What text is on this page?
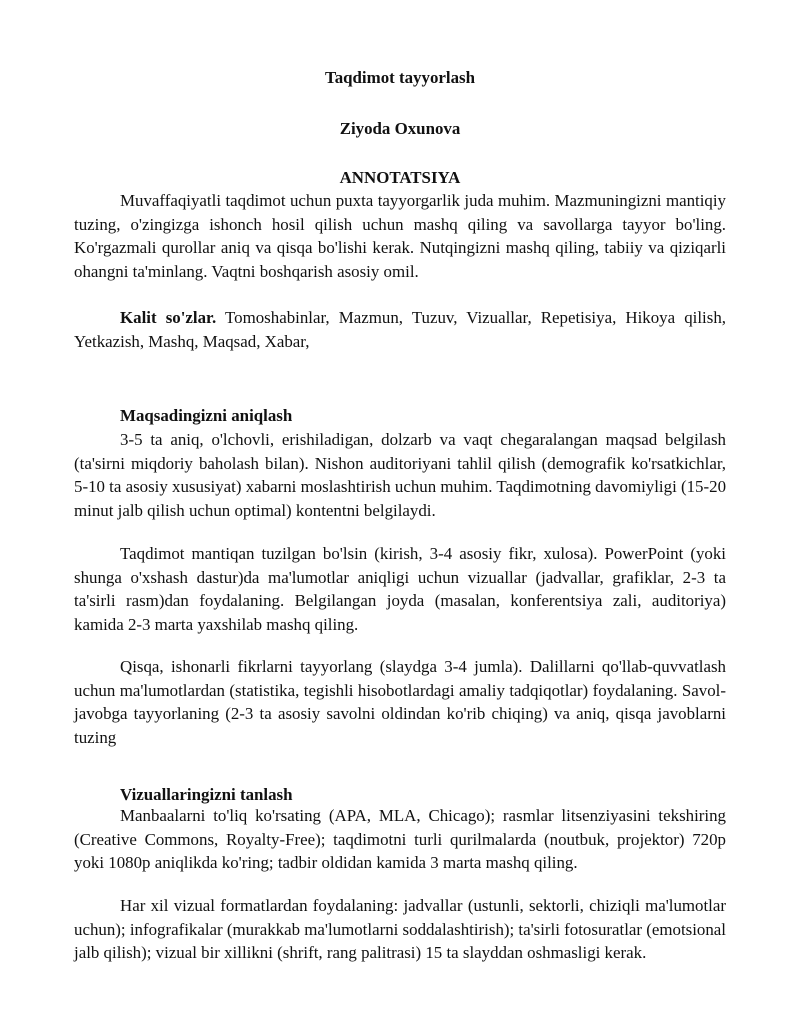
Taqdimot tayyorlash
Ziyoda Oxunova
ANNOTATSIYA

Muvaffaqiyatli taqdimot uchun puxta tayyorgarlik juda muhim. Mazmuningizni mantiqiy tuzing, o'zingizga ishonch hosil qilish uchun mashq qiling va savollarga tayyor bo'ling. Ko'rgazmali qurollar aniq va qisqa bo'lishi kerak. Nutqingizni mashq qiling, tabiiy va qiziqarli ohangni ta'minlang. Vaqtni boshqarish asosiy omil.

Kalit so'zlar. Tomoshabinlar, Mazmun, Tuzuv, Vizuallar, Repetisiya, Hikoya qilish, Yetkazish, Mashq, Maqsad, Xabar,

Maqsadingizni aniqlash

3-5 ta aniq, o'lchovli, erishiladigan, dolzarb va vaqt chegaralangan maqsad belgilash (ta'sirni miqdoriy baholash bilan). Nishon auditoriyani tahlil qilish (demografik ko'rsatkichlar, 5-10 ta asosiy xususiyat) xabarni moslashtirish uchun muhim. Taqdimotning davomiyligi (15-20 minut jalb qilish uchun optimal) kontentni belgilaydi.

Taqdimot mantiqan tuzilgan bo'lsin (kirish, 3-4 asosiy fikr, xulosa). PowerPoint (yoki shunga o'xshash dastur)da ma'lumotlar aniqligi uchun vizuallar (jadvallar, grafiklar, 2-3 ta ta'sirli rasm)dan foydalaning. Belgilangan joyda (masalan, konferentsiya zali, auditoriya) kamida 2-3 marta yaxshilab mashq qiling.

Qisqa, ishonarli fikrlarni tayyorlang (slaydga 3-4 jumla). Dalillarni qo'llab-quvvatlash uchun ma'lumotlardan (statistika, tegishli hisobotlardagi amaliy tadqiqotlar) foydalaning. Savol-javobga tayyorlaning (2-3 ta asosiy savolni oldindan ko'rib chiqing) va aniq, qisqa javoblarni tuzing

Vizuallaringizni tanlash

Manbaalarni to'liq ko'rsating (APA, MLA, Chicago); rasmlar litsenziyasini tekshiring (Creative Commons, Royalty-Free); taqdimotni turli qurilmalarda (noutbuk, projektor) 720p yoki 1080p aniqlikda ko'ring; tadbir oldidan kamida 3 marta mashq qiling.

Har xil vizual formatlardan foydalaning: jadvallar (ustunli, sektorli, chiziqli ma'lumotlar uchun); infografikalar (murakkab ma'lumotlarni soddalashtirish); ta'sirli fotosuratlar (emotsional jalb qilish); vizual bir xillikni (shrift, rang palitrasi) 15 ta slayddan oshmasligi kerak.
